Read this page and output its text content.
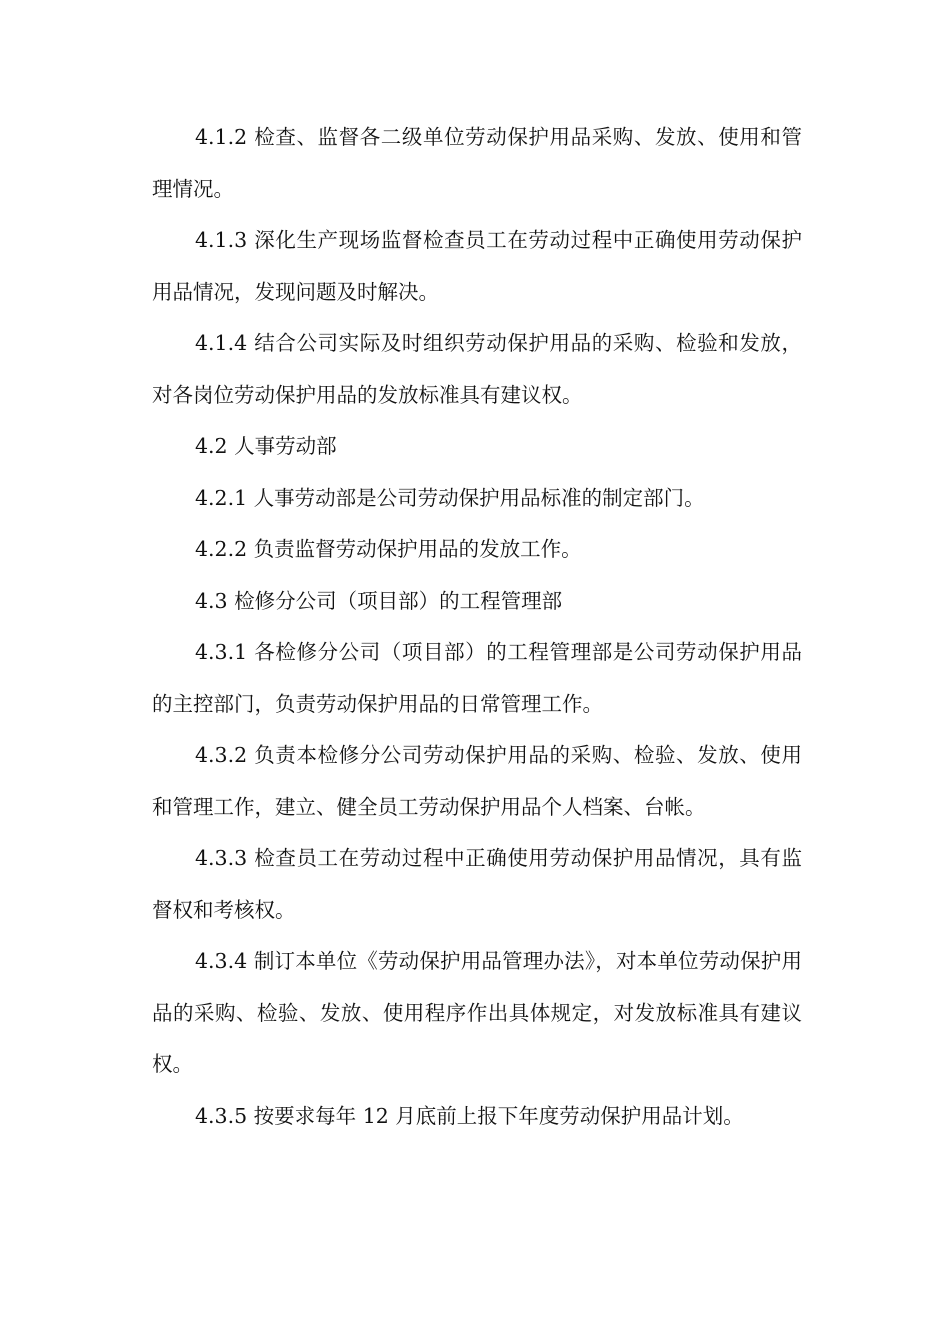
4.1.2 检查、监督各二级单位劳动保护用品采购、发放、使用和管理情况。

4.1.3 深化生产现场监督检查员工在劳动过程中正确使用劳动保护用品情况，发现问题及时解决。

4.1.4 结合公司实际及时组织劳动保护用品的采购、检验和发放，对各岗位劳动保护用品的发放标准具有建议权。

4.2 人事劳动部

4.2.1 人事劳动部是公司劳动保护用品标准的制定部门。

4.2.2 负责监督劳动保护用品的发放工作。

4.3 检修分公司（项目部）的工程管理部

4.3.1 各检修分公司（项目部）的工程管理部是公司劳动保护用品的主控部门，负责劳动保护用品的日常管理工作。

4.3.2 负责本检修分公司劳动保护用品的采购、检验、发放、使用和管理工作，建立、健全员工劳动保护用品个人档案、台帐。

4.3.3 检查员工在劳动过程中正确使用劳动保护用品情况，具有监督权和考核权。

4.3.4 制订本单位《劳动保护用品管理办法》，对本单位劳动保护用品的采购、检验、发放、使用程序作出具体规定，对发放标准具有建议权。

4.3.5 按要求每年 12 月底前上报下年度劳动保护用品计划。
